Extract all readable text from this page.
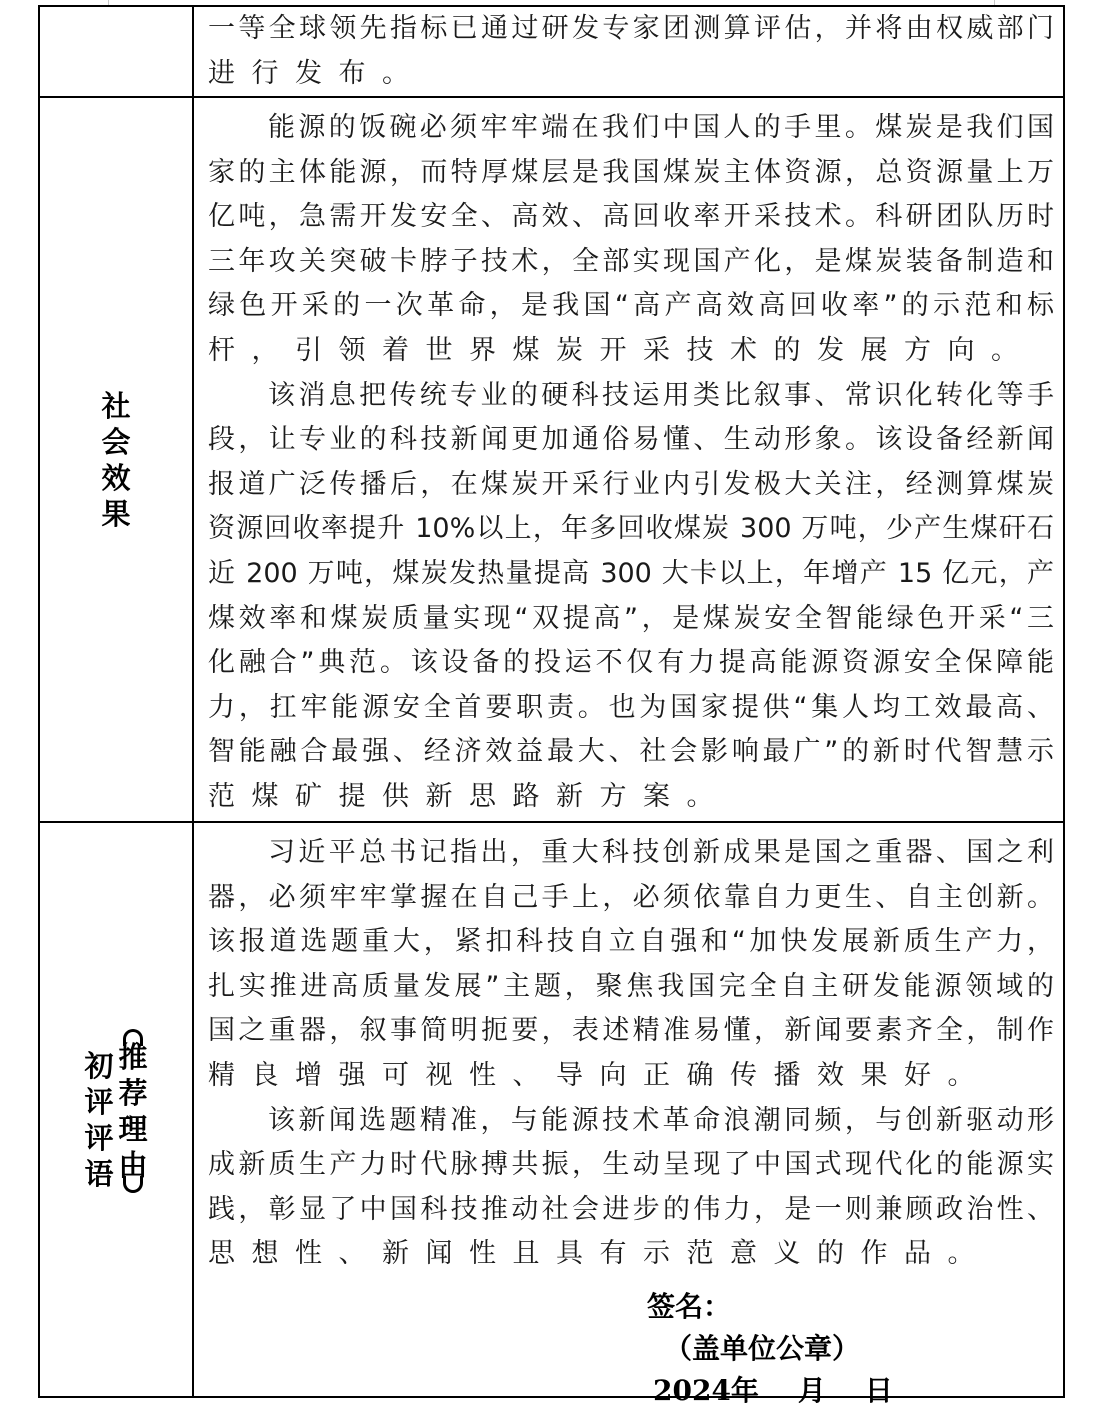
一等全球领先指标已通过研发专家团测算评估，并将由权威部门
进行发布。
社会效果
能源的饭碗必须牢牢端在我们中国人的手里。煤炭是我们国
家的主体能源，而特厚煤层是我国煤炭主体资源，总资源量上万
亿吨，急需开发安全、高效、高回收率开采技术。科研团队历时
三年攻关突破卡脖子技术，全部实现国产化，是煤炭装备制造和
绿色开采的一次革命，是我国“高产高效高回收率”的示范和标
杆，引领着世界煤炭开采技术的发展方向。
该消息把传统专业的硬科技运用类比叙事、常识化转化等手
段，让专业的科技新闻更加通俗易懂、生动形象。该设备经新闻
报道广泛传播后，在煤炭开采行业内引发极大关注，经测算煤炭
资源回收率提升 10%以上，年多回收煤炭 300 万吨，少产生煤矸石
近 200 万吨，煤炭发热量提高 300 大卡以上，年增产 15 亿元，产
煤效率和煤炭质量实现“双提高”，是煤炭安全智能绿色开采“三
化融合”典范。该设备的投运不仅有力提高能源资源安全保障能
力，扛牢能源安全首要职责。也为国家提供“集人均工效最高、
智能融合最强、经济效益最大、社会影响最广”的新时代智慧示
范煤矿提供新思路新方案。
初评评语
推荐理由
习近平总书记指出，重大科技创新成果是国之重器、国之利
器，必须牢牢掌握在自己手上，必须依靠自力更生、自主创新。
该报道选题重大，紧扣科技自立自强和“加快发展新质生产力，
扎实推进高质量发展”主题，聚焦我国完全自主研发能源领域的
国之重器，叙事简明扼要，表述精准易懂，新闻要素齐全，制作
精良增强可视性、导向正确传播效果好。
该新闻选题精准，与能源技术革命浪潮同频，与创新驱动形
成新质生产力时代脉搏共振，生动呈现了中国式现代化的能源实
践，彰显了中国科技推动社会进步的伟力，是一则兼顾政治性、
思想性、新闻性且具有示范意义的作品。
签名：
（盖单位公章）
2024年    月    日
